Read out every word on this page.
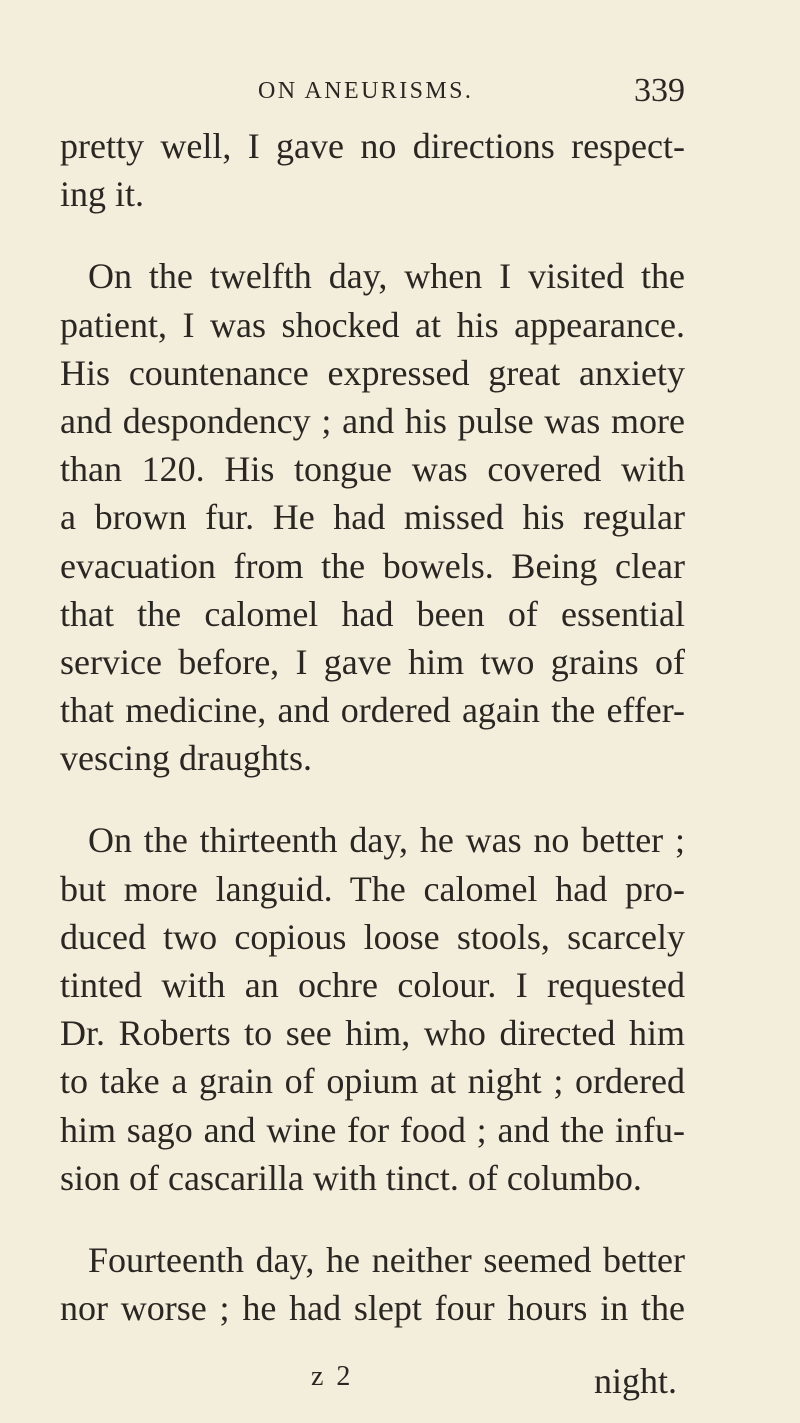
ON ANEURISMS.	339
pretty well, I gave no directions respect-
ing it.
On the twelfth day, when I visited the
patient, I was shocked at his appearance.
His countenance expressed great anxiety
and despondency ; and his pulse was more
than 120. His tongue was covered with
a brown fur. He had missed his regular
evacuation from the bowels. Being clear
that the calomel had been of essential
service before, I gave him two grains of
that medicine, and ordered again the effer-
vescing draughts.
On the thirteenth day, he was no better ;
but more languid. The calomel had pro-
duced two copious loose stools, scarcely
tinted with an ochre colour. I requested
Dr. Roberts to see him, who directed him
to take a grain of opium at night ; ordered
him sago and wine for food ; and the infu-
sion of cascarilla with tinct. of columbo.
Fourteenth day, he neither seemed better
nor worse ; he had slept four hours in the
z 2	night.
